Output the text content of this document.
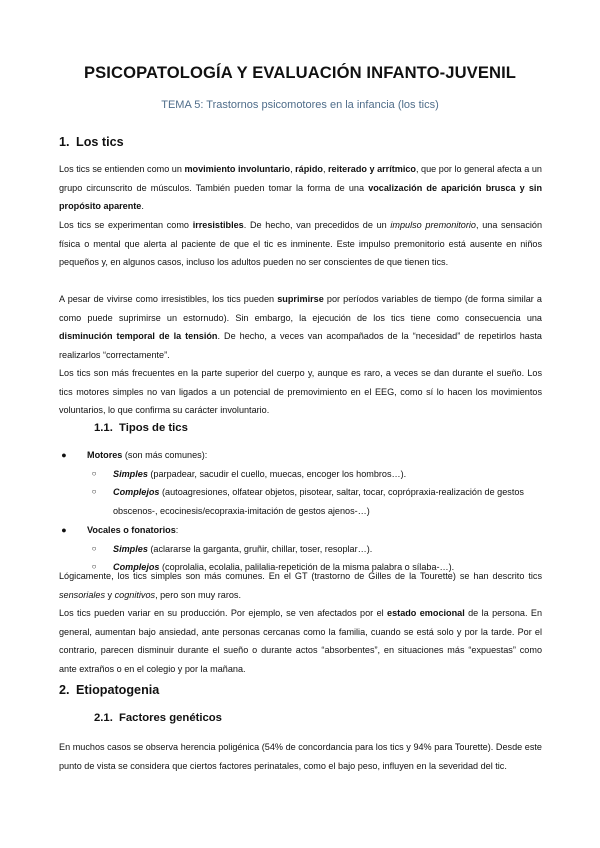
PSICOPATOLOGÍA Y EVALUACIÓN INFANTO-JUVENIL
TEMA 5: Trastornos psicomotores en la infancia (los tics)
1. Los tics

Los tics se entienden como un movimiento involuntario, rápido, reiterado y arrítmico, que por lo general afecta a un grupo circunscrito de músculos. También pueden tomar la forma de una vocalización de aparición brusca y sin propósito aparente.

Los tics se experimentan como irresistibles. De hecho, van precedidos de un impulso premonitorio, una sensación física o mental que alerta al paciente de que el tic es inminente. Este impulso premonitorio está ausente en niños pequeños y, en algunos casos, incluso los adultos pueden no ser conscientes de que tienen tics.

A pesar de vivirse como irresistibles, los tics pueden suprimirse por períodos variables de tiempo (de forma similar a como puede suprimirse un estornudo). Sin embargo, la ejecución de los tics tiene como consecuencia una disminución temporal de la tensión. De hecho, a veces van acompañados de la “necesidad” de repetirlos hasta realizarlos “correctamente”.

Los tics son más frecuentes en la parte superior del cuerpo y, aunque es raro, a veces se dan durante el sueño. Los tics motores simples no van ligados a un potencial de premovimiento en el EEG, como sí lo hacen los movimientos voluntarios, lo que confirma su carácter involuntario.

1.1. Tipos de tics
● Motores (son más comunes):
○	Simples (parpadear, sacudir el cuello, muecas, encoger los hombros…).
○	Complejos (autoagresiones, olfatear objetos, pisotear, saltar, tocar, coprópraxia-realización de gestos obscenos-, ecocinesis/ecopraxia-imitación de gestos ajenos-…)
● Vocales o fonatorios:
○	Simples (aclararse la garganta, gruñir, chillar, toser, resoplar…).
○	Complejos (coprolalia, ecolalia, palilalia-repetición de la misma palabra o sílaba-…).

Lógicamente, los tics simples son más comunes. En el GT (trastorno de Gilles de la Tourette) se han descrito tics sensoriales y cognitivos, pero son muy raros.

Los tics pueden variar en su producción. Por ejemplo, se ven afectados por el estado emocional de la persona. En general, aumentan bajo ansiedad, ante personas cercanas como la familia, cuando se está solo y por la tarde. Por el contrario, parecen disminuir durante el sueño o durante actos “absorbentes”, en situaciones más “expuestas” como ante extraños o en el colegio y por la mañana.

2. Etiopatogenia
2.1. Factores genéticos

En muchos casos se observa herencia poligénica (54% de concordancia para los tics y 94% para Tourette). Desde este punto de vista se considera que ciertos factores perinatales, como el bajo peso, influyen en la severidad del tic.
